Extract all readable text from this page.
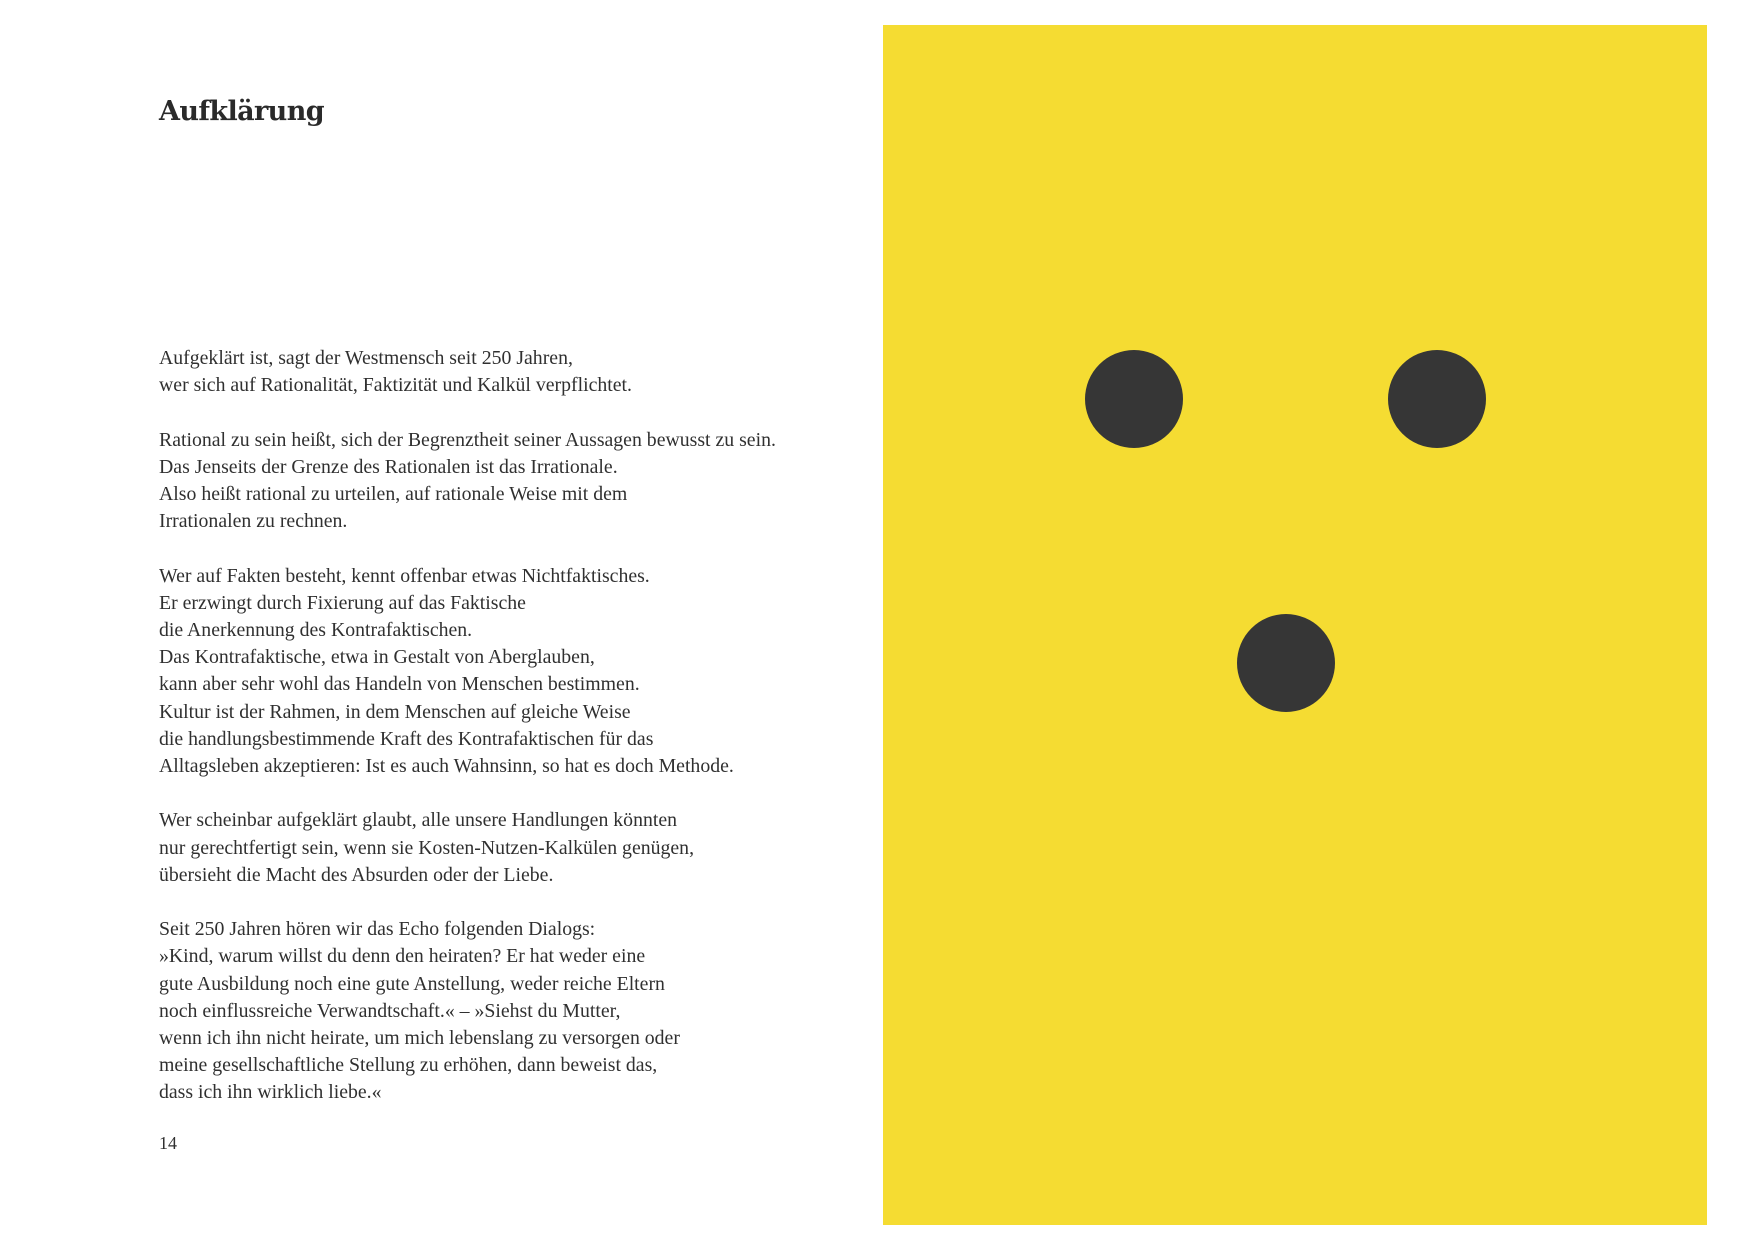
Aufklärung

Aufgeklärt ist, sagt der Westmensch seit 250 Jahren,
wer sich auf Rationalität, Faktizität und Kalkül verpflichtet.

Rational zu sein heißt, sich der Begrenztheit seiner Aussagen bewusst zu sein.
Das Jenseits der Grenze des Rationalen ist das Irrationale.
Also heißt rational zu urteilen, auf rationale Weise mit dem
Irrationalen zu rechnen.

Wer auf Fakten besteht, kennt offenbar etwas Nichtfaktisches.
Er erzwingt durch Fixierung auf das Faktische
die Anerkennung des Kontrafaktischen.
Das Kontrafaktische, etwa in Gestalt von Aberglauben,
kann aber sehr wohl das Handeln von Menschen bestimmen.
Kultur ist der Rahmen, in dem Menschen auf gleiche Weise
die handlungsbestimmende Kraft des Kontrafaktischen für das
Alltagsleben akzeptieren: Ist es auch Wahnsinn, so hat es doch Methode.

Wer scheinbar aufgeklärt glaubt, alle unsere Handlungen könnten
nur gerechtfertigt sein, wenn sie Kosten-Nutzen-Kalkülen genügen,
übersieht die Macht des Absurden oder der Liebe.

Seit 250 Jahren hören wir das Echo folgenden Dialogs:
»Kind, warum willst du denn den heiraten? Er hat weder eine
gute Ausbildung noch eine gute Anstellung, weder reiche Eltern
noch einflussreiche Verwandtschaft.« – »Siehst du Mutter,
wenn ich ihn nicht heirate, um mich lebenslang zu versorgen oder
meine gesellschaftliche Stellung zu erhöhen, dann beweist das,
dass ich ihn wirklich liebe.«

14
